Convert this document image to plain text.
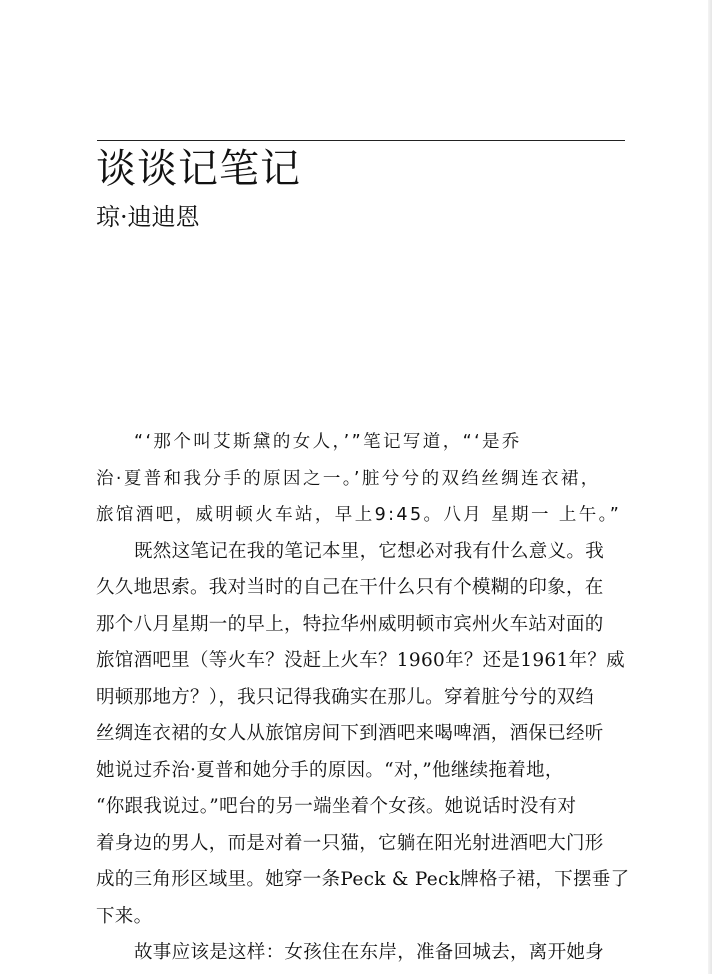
谈谈记笔记
琼·迪迪恩
“‘那个叫艾斯黛的女人，’”笔记写道，“‘是乔
治·夏普和我分手的原因之一。’脏兮兮的双绉丝绸连衣裙，
旅馆酒吧，威明顿火车站，早上9:45。八月 星期一 上午。”
既然这笔记在我的笔记本里，它想必对我有什么意义。我
久久地思索。我对当时的自己在干什么只有个模糊的印象，在
那个八月星期一的早上，特拉华州威明顿市宾州火车站对面的
旅馆酒吧里（等火车？没赶上火车？1960年？还是1961年？威
明顿那地方？），我只记得我确实在那儿。穿着脏兮兮的双绉
丝绸连衣裙的女人从旅馆房间下到酒吧来喝啤酒，酒保已经听
她说过乔治·夏普和她分手的原因。“对，”他继续拖着地，
“你跟我说过。”吧台的另一端坐着个女孩。她说话时没有对
着身边的男人，而是对着一只猫，它躺在阳光射进酒吧大门形
成的三角形区域里。她穿一条Peck & Peck牌格子裙，下摆垂了
下来。
故事应该是这样：女孩住在东岸，准备回城去，离开她身
